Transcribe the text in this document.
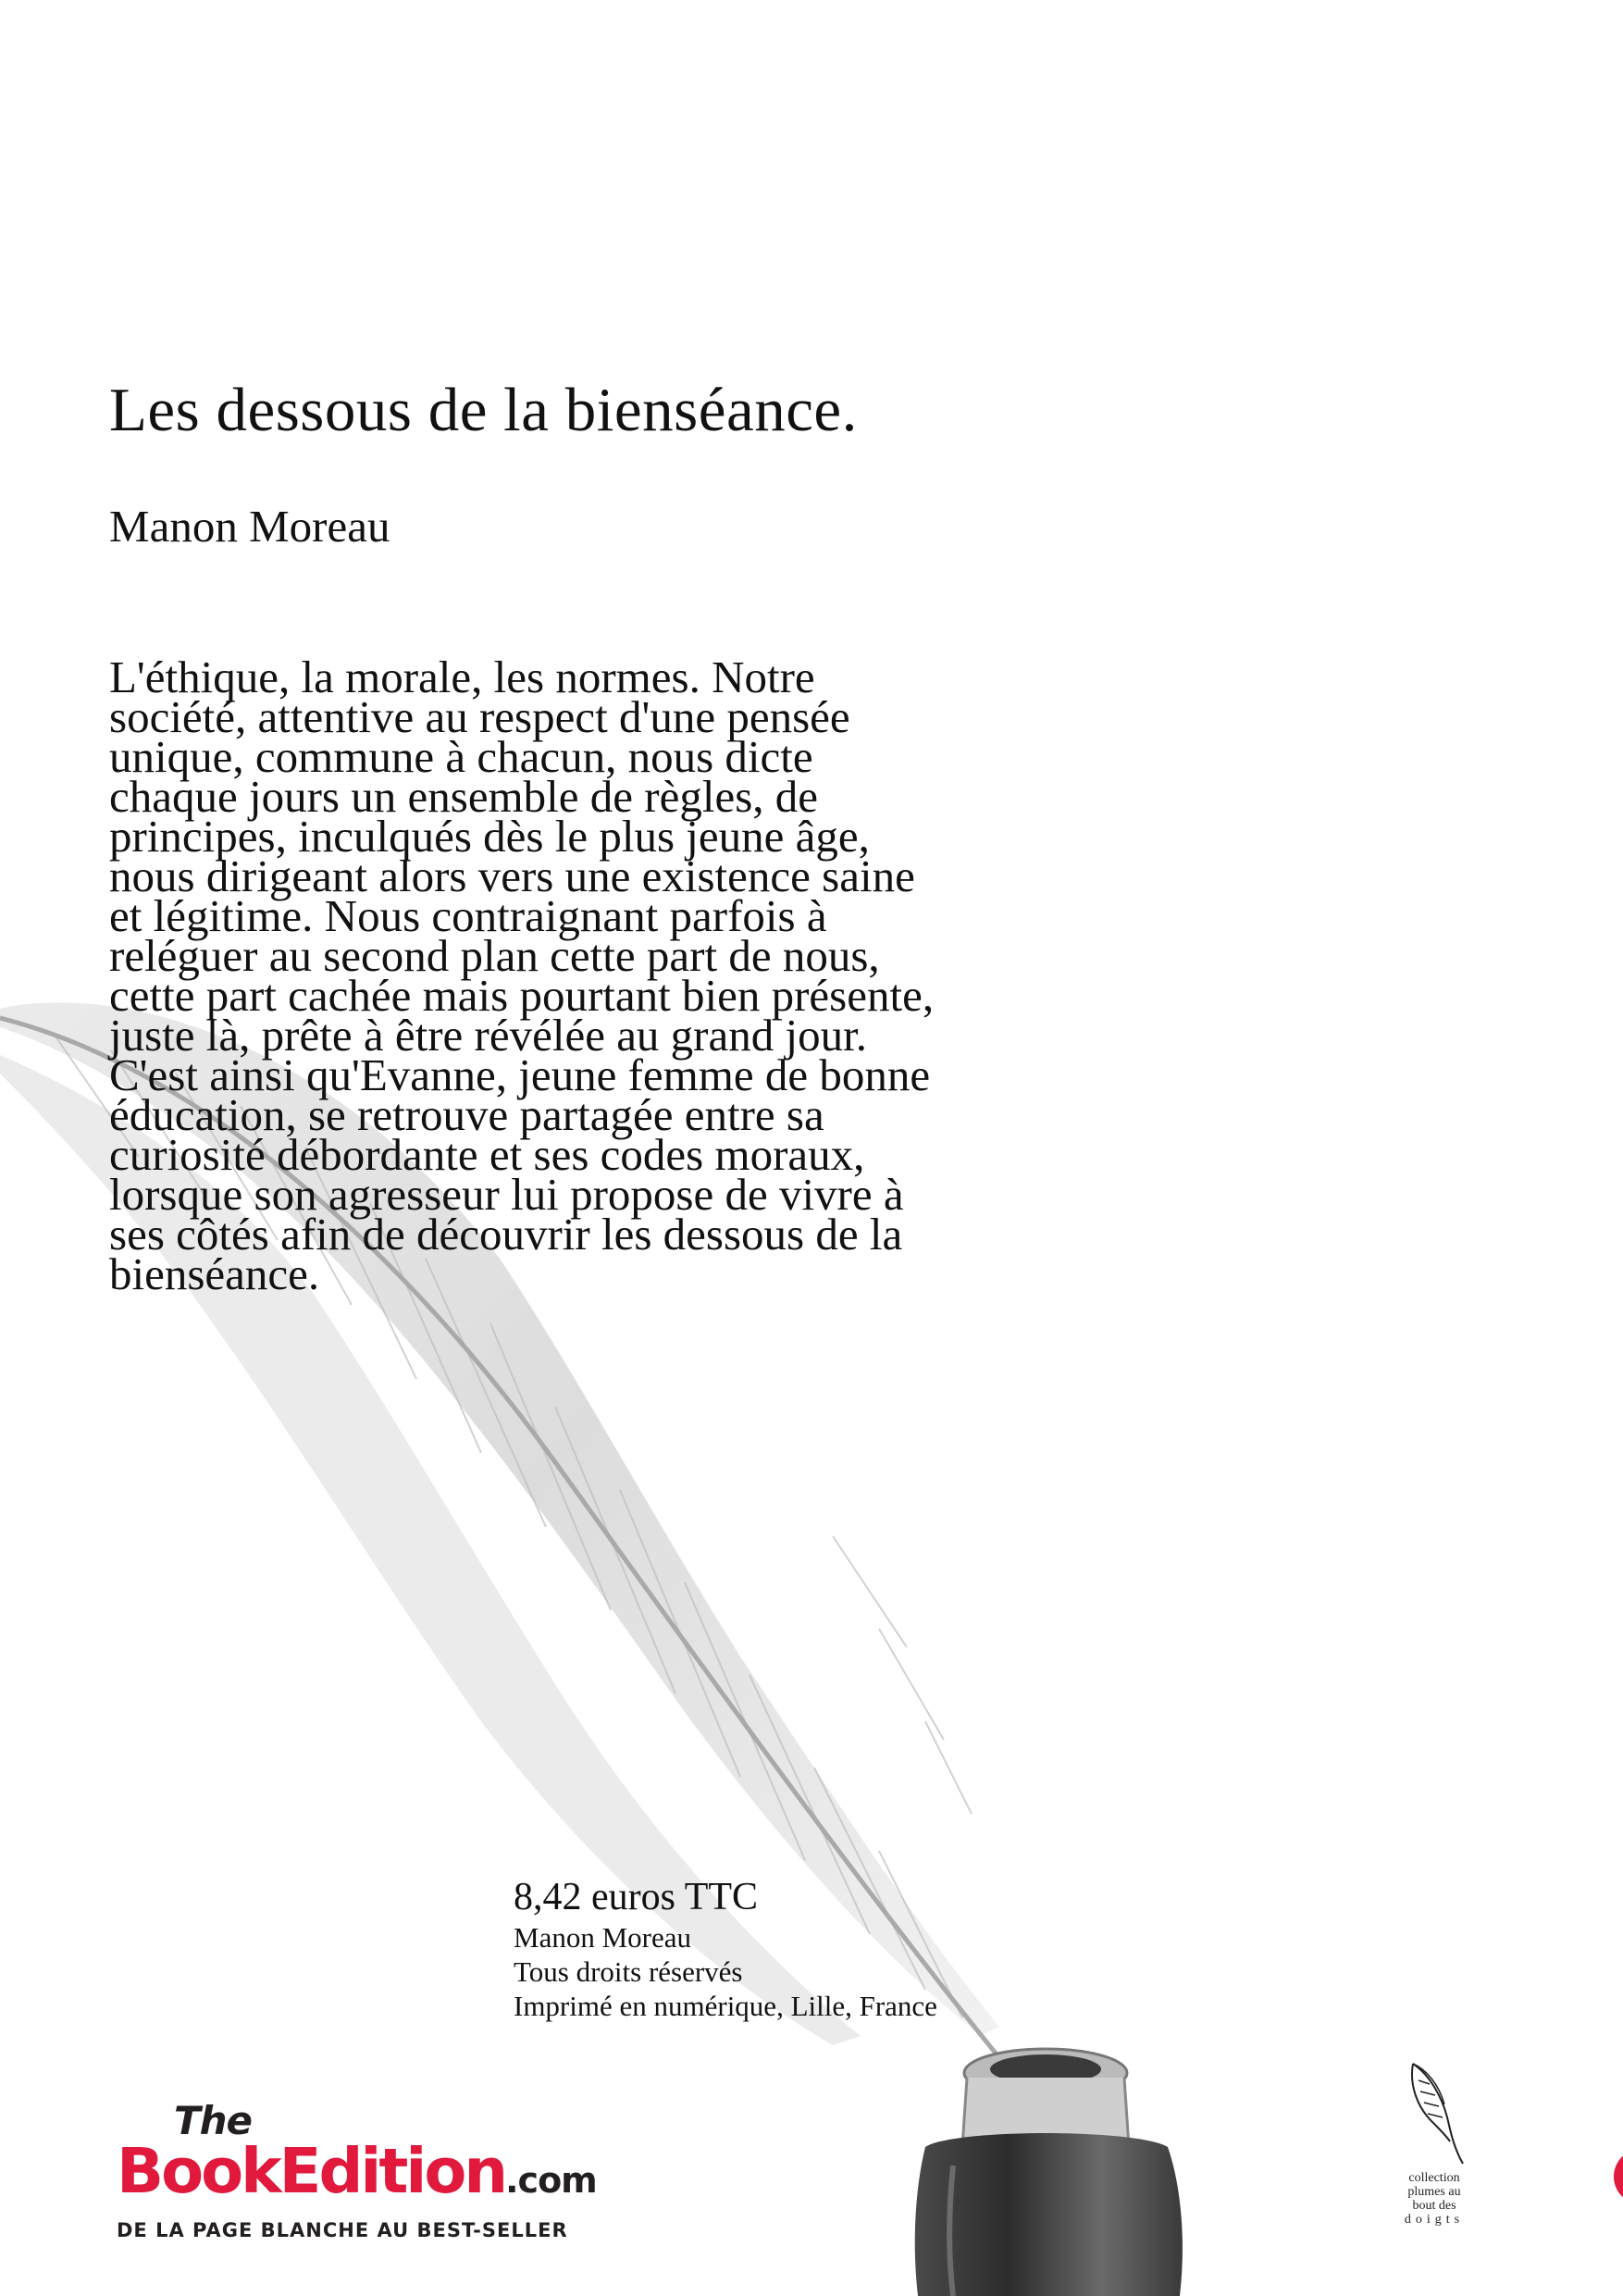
Les dessous de la bienséance.

Manon Moreau

L'éthique, la morale, les normes. Notre
société, attentive au respect d'une pensée
unique, commune à chacun, nous dicte
chaque jours un ensemble de règles, de
principes, inculqués dès le plus jeune âge,
nous dirigeant alors vers une existence saine
et légitime. Nous contraignant parfois à
reléguer au second plan cette part de nous,
cette part cachée mais pourtant bien présente,
juste là, prête à être révélée au grand jour.
C'est ainsi qu'Evanne, jeune femme de bonne
éducation, se retrouve partagée entre sa
curiosité débordante et ses codes moraux,
lorsque son agresseur lui propose de vivre à
ses côtés afin de découvrir les dessous de la
bienséance.
8,42 euros TTC
Manon Moreau
Tous droits réservés
Imprimé en numérique, Lille, France
The
BookEdition.com
DE LA PAGE BLANCHE AU BEST-SELLER
collection
plumes au
bout des
doigts
